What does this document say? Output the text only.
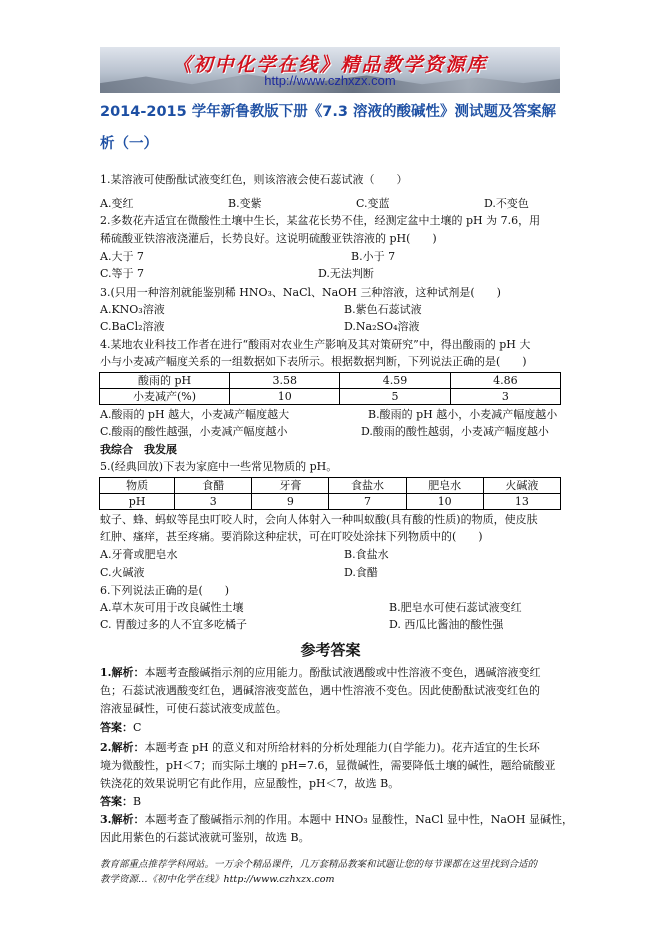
《初中化学在线》精品教学资源库
http://www.czhxzx.com
2014-2015 学年新鲁教版下册《7.3 溶液的酸碱性》测试题及答案解
析（一）
1.某溶液可使酚酞试液变红色，则该溶液会使石蕊试液（　　）
A.变红	B.变紫	C.变蓝	D.不变色
2.多数花卉适宜在微酸性土壤中生长，某盆花长势不佳，经测定盆中土壤的 pH 为 7.6，用
稀硫酸亚铁溶液浇灌后，长势良好。这说明硫酸亚铁溶液的 pH(　　)
A.大于 7	B.小于 7
C.等于 7	D.无法判断
3.(只用一种溶剂就能鉴别稀 HNO₃、NaCl、NaOH 三种溶液，这种试剂是(　　)
A.KNO₃溶液	B.紫色石蕊试液
C.BaCl₂溶液	D.Na₂SO₄溶液
4.某地农业科技工作者在进行“酸雨对农业生产影响及其对策研究”中，得出酸雨的 pH 大
小与小麦减产幅度关系的一组数据如下表所示。根据数据判断，下列说法正确的是(　　)
酸雨的 pH	3.58	4.59	4.86
小麦减产(%)	10	5	3
A.酸雨的 pH 越大，小麦减产幅度越大	B.酸雨的 pH 越小，小麦减产幅度越小
C.酸雨的酸性越强，小麦减产幅度越小	D.酸雨的酸性越弱，小麦减产幅度越小
我综合　我发展
5.(经典回放)下表为家庭中一些常见物质的 pH。
物质	食醋	牙膏	食盐水	肥皂水	火碱液
pH	3	9	7	10	13
蚊子、蜂、蚂蚁等昆虫叮咬人时，会向人体射入一种叫蚁酸(具有酸的性质)的物质，使皮肤
红肿、瘙痒，甚至疼痛。要消除这种症状，可在叮咬处涂抹下列物质中的(　　)
A.牙膏或肥皂水	B.食盐水
C.火碱液	D.食醋
6.下列说法正确的是(　　)
A.草木灰可用于改良碱性土壤	B.肥皂水可使石蕊试液变红
C. 胃酸过多的人不宜多吃橘子	D. 西瓜比酱油的酸性强
参考答案
1.解析：本题考查酸碱指示剂的应用能力。酚酞试液遇酸或中性溶液不变色，遇碱溶液变红
色；石蕊试液遇酸变红色，遇碱溶液变蓝色，遇中性溶液不变色。因此使酚酞试液变红色的
溶液显碱性，可使石蕊试液变成蓝色。
答案：C
2.解析：本题考查 pH 的意义和对所给材料的分析处理能力(自学能力)。花卉适宜的生长环
境为微酸性，pH＜7；而实际土壤的 pH=7.6，显微碱性，需要降低土壤的碱性，题给硫酸亚
铁浇花的效果说明它有此作用，应显酸性，pH＜7，故选 B。
答案：B
3.解析：本题考查了酸碱指示剂的作用。本题中 HNO₃ 显酸性，NaCl 显中性，NaOH 显碱性，
因此用紫色的石蕊试液就可鉴别，故选 B。
教育部重点推荐学科网站。一万余个精品课件，几万套精品教案和试题让您的每节课都在这里找到合适的
教学资源…《初中化学在线》http://www.czhxzx.com
